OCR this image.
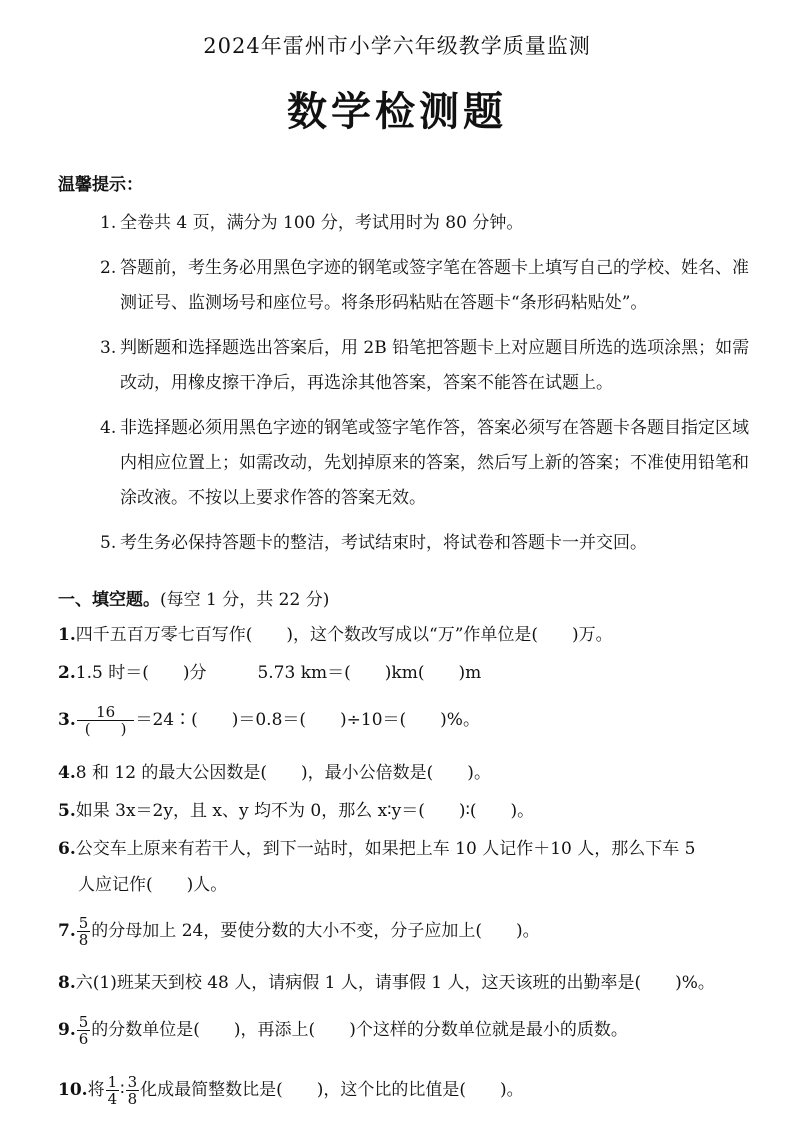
2024年雷州市小学六年级教学质量监测
数学检测题
温馨提示：
1. 全卷共 4 页，满分为 100 分，考试用时为 80 分钟。
2. 答题前，考生务必用黑色字迹的钢笔或签字笔在答题卡上填写自己的学校、姓名、准测证号、监测场号和座位号。将条形码粘贴在答题卡“条形码粘贴处”。
3. 判断题和选择题选出答案后，用 2B 铅笔把答题卡上对应题目所选的选项涂黑；如需改动，用橡皮擦干净后，再选涂其他答案，答案不能答在试题上。
4. 非选择题必须用黑色字迹的钢笔或签字笔作答，答案必须写在答题卡各题目指定区域内相应位置上；如需改动，先划掉原来的答案，然后写上新的答案；不准使用铅笔和涂改液。不按以上要求作答的答案无效。
5. 考生务必保持答题卡的整洁，考试结束时，将试卷和答题卡一并交回。
一、填空题。(每空 1 分，共 22 分)
1.四千五百万零七百写作(　　)，这个数改写成以“万”作单位是(　　)万。
2.1.5 时＝(　　)分　　　5.73 km＝(　　)km(　　)m
3. $\frac{16}{( )}$ ＝24∶(　　)＝0.8＝(　　)÷10＝(　　)%。
4.8 和 12 的最大公因数是(　　)，最小公倍数是(　　)。
5.如果 3x＝2y，且 x、y 均不为 0，那么 x∶y＝(　　)∶(　　)。
6.公交车上原来有若干人，到下一站时，如果把上车 10 人记作＋10 人，那么下车 5
人应记作(　　)人。
7. $\frac{5}{8}$ 的分母加上 24，要使分数的大小不变，分子应加上(　　)。
8.六(1)班某天到校 48 人，请病假 1 人，请事假 1 人，这天该班的出勤率是(　　)%。
9. $\frac{5}{6}$ 的分数单位是(　　)，再添上(　　)个这样的分数单位就是最小的质数。
10.将 $\frac{1}{4}$ ∶ $\frac{3}{8}$ 化成最简整数比是(　　)，这个比的比值是(　　)。
